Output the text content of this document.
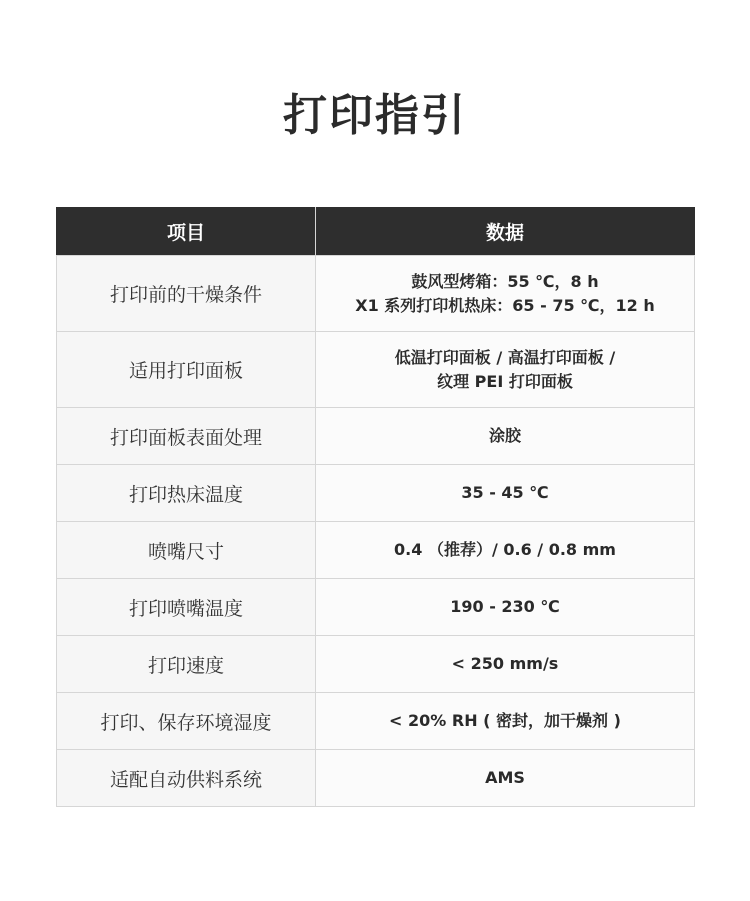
打印指引
项目	数据
打印前的干燥条件	鼓风型烤箱：55 ℃，8 h
X1 系列打印机热床：65 - 75 ℃，12 h

适用打印面板	低温打印面板 / 高温打印面板 /
纹理 PEI 打印面板

打印面板表面处理	涂胶

打印热床温度	35 - 45 ℃

喷嘴尺寸	0.4 （推荐）/ 0.6 / 0.8 mm

打印喷嘴温度	190 - 230 ℃

打印速度	< 250 mm/s

打印、保存环境湿度	< 20% RH ( 密封，加干燥剂 )

适配自动供料系统	AMS
